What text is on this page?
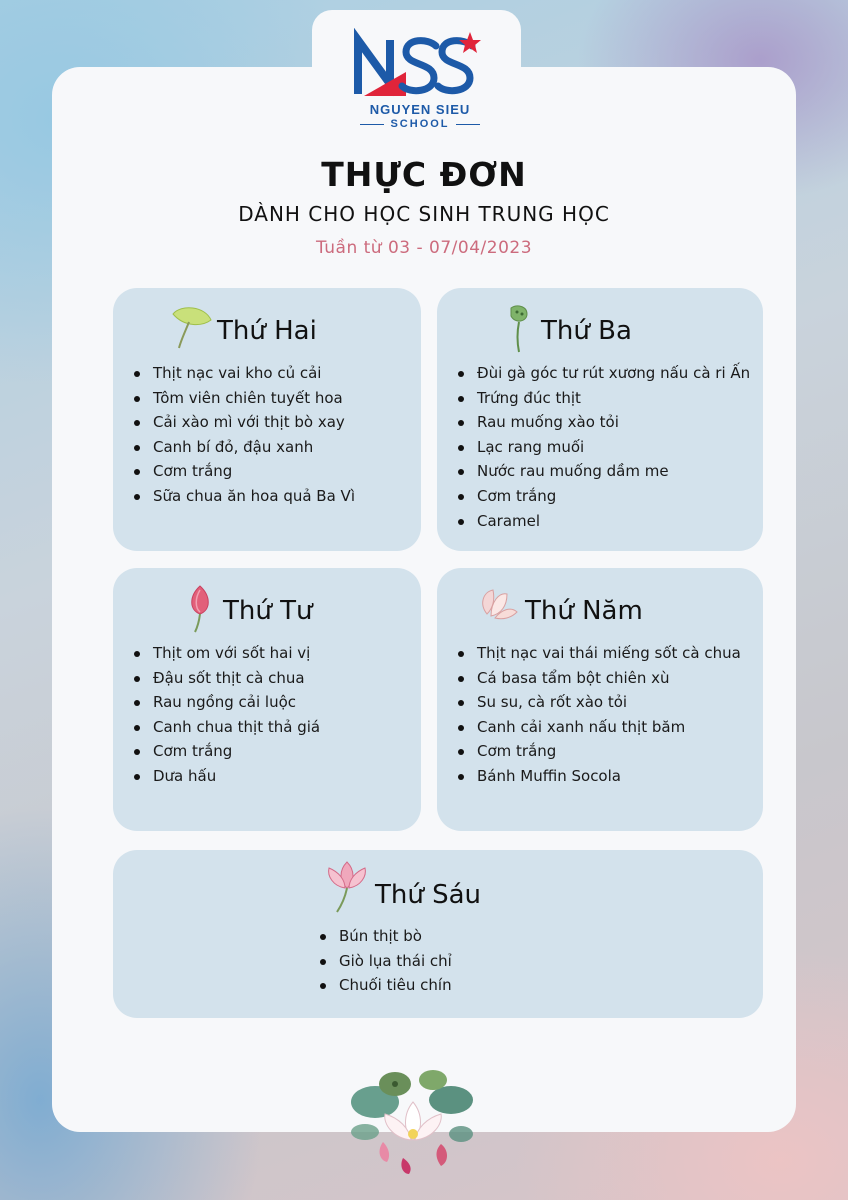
NGUYEN SIEU
SCHOOL
THỰC ĐƠN
DÀNH CHO HỌC SINH TRUNG HỌC
Tuần từ 03 - 07/04/2023
Thứ Hai
Thịt nạc vai kho củ cải
Tôm viên chiên tuyết hoa
Cải xào mì với thịt bò xay
Canh bí đỏ, đậu xanh
Cơm trắng
Sữa chua ăn hoa quả Ba Vì
Thứ Ba
Đùi gà góc tư rút xương nấu cà ri Ấn
Trứng đúc thịt
Rau muống xào tỏi
Lạc rang muối
Nước rau muống dầm me
Cơm trắng
Caramel
Thứ Tư
Thịt om với sốt hai vị
Đậu sốt thịt cà chua
Rau ngồng cải luộc
Canh chua thịt thả giá
Cơm trắng
Dưa hấu
Thứ Năm
Thịt nạc vai thái miếng sốt cà chua
Cá basa tẩm bột chiên xù
Su su, cà rốt xào tỏi
Canh cải xanh nấu thịt băm
Cơm trắng
Bánh Muffin Socola
Thứ Sáu
Bún thịt bò
Giò lụa thái chỉ
Chuối tiêu chín
